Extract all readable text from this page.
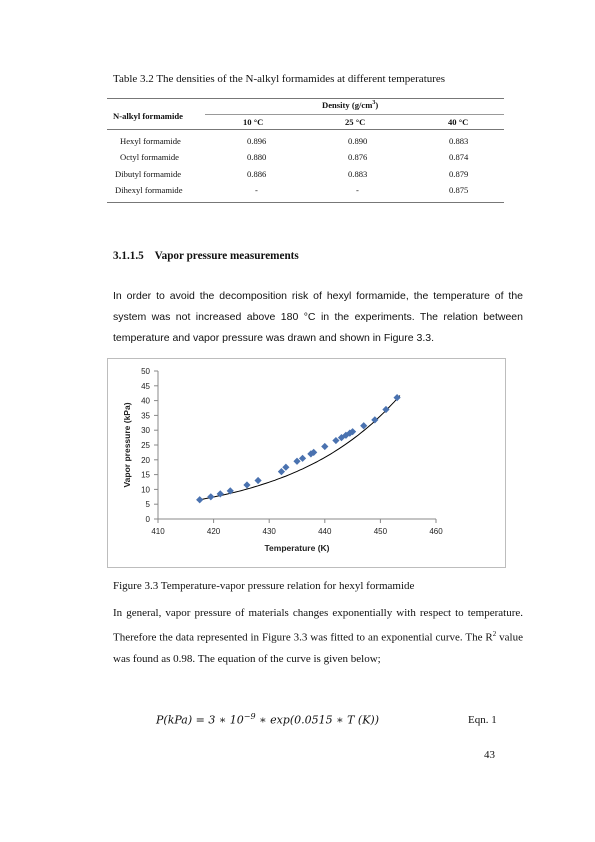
Table 3.2 The densities of the N-alkyl formamides at different temperatures
N-alkyl formamide
Density $(g/cm^3)$
10 °C	25 °C	40 °C
Hexyl formamide	0.896	0.890	0.883
Octyl formamide	0.880	0.876	0.874
Dibutyl formamide	0.886	0.883	0.879
Dihexyl formamide	-	-	0.875
3.1.1.5 Vapor pressure measurements
In order to avoid the decomposition risk of hexyl formamide, the temperature of the system was not increased above 180 °C in the experiments. The relation between temperature and vapor pressure was drawn and shown in Figure 3.3.
0
5
10
15
20
25
30
35
40
45
50
410	420	430	440	450	460
Temperature (K)
Vapor pressure (kPa)
Figure 3.3 Temperature-vapor pressure relation for hexyl formamide
In general, vapor pressure of materials changes exponentially with respect to temperature. Therefore the data represented in Figure 3.3 was fitted to an exponential curve. The $R^2$ value was found as 0.98. The equation of the curve is given below;
P(kPa) = 3 ∗ $10^{-9}$ ∗ exp(0.0515 ∗ T (K))	Eqn. 1
43
